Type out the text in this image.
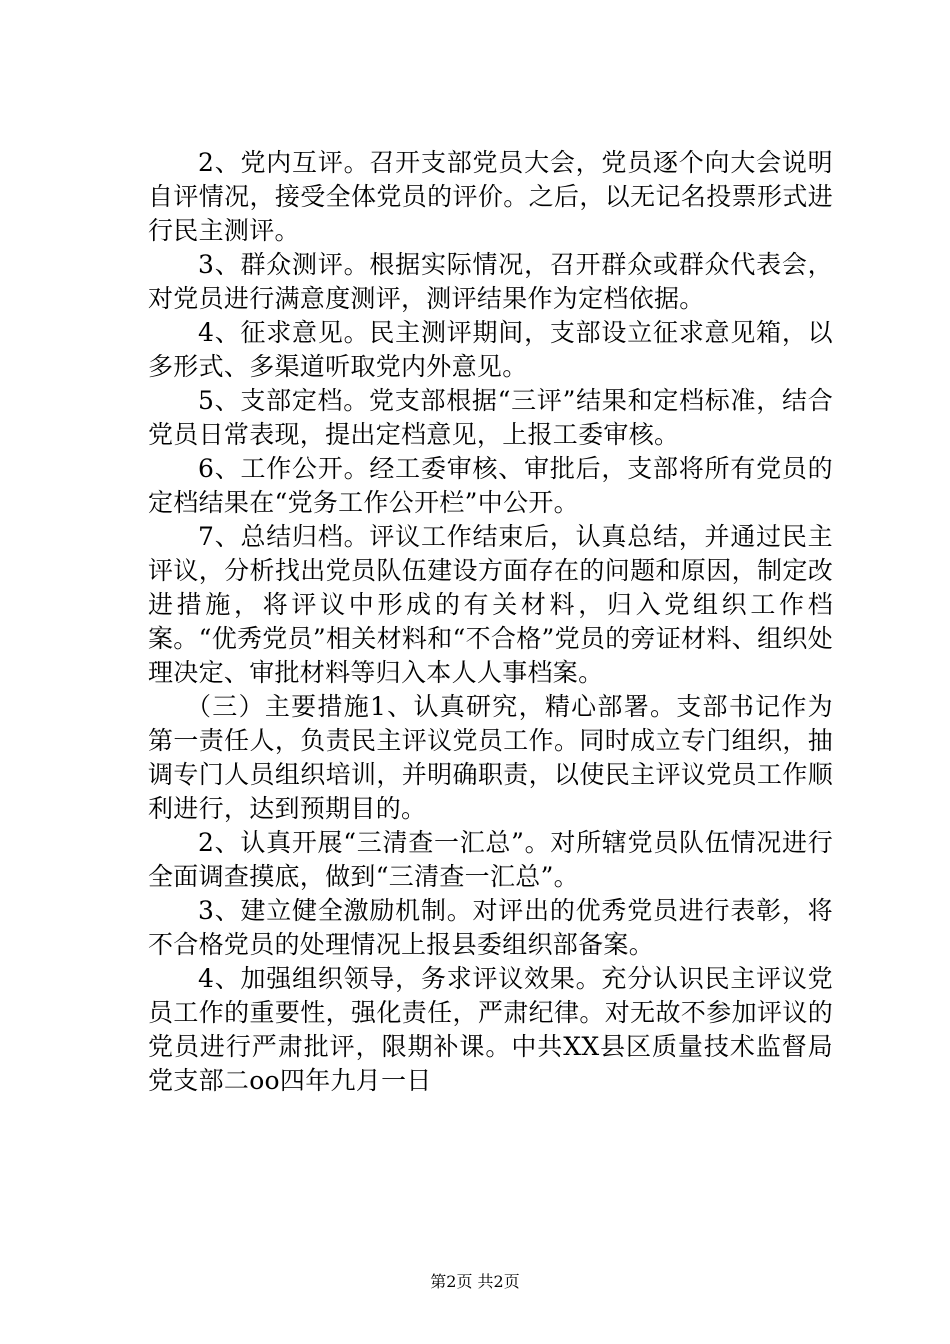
2、党内互评。召开支部党员大会，党员逐个向大会说明自评情况，接受全体党员的评价。之后，以无记名投票形式进行民主测评。

3、群众测评。根据实际情况，召开群众或群众代表会，对党员进行满意度测评，测评结果作为定档依据。

4、征求意见。民主测评期间，支部设立征求意见箱，以多形式、多渠道听取党内外意见。

5、支部定档。党支部根据“三评”结果和定档标准，结合党员日常表现，提出定档意见，上报工委审核。

6、工作公开。经工委审核、审批后，支部将所有党员的定档结果在“党务工作公开栏”中公开。

7、总结归档。评议工作结束后，认真总结，并通过民主评议，分析找出党员队伍建设方面存在的问题和原因，制定改进措施，将评议中形成的有关材料，归入党组织工作档案。“优秀党员”相关材料和“不合格”党员的旁证材料、组织处理决定、审批材料等归入本人人事档案。

（三）主要措施1、认真研究，精心部署。支部书记作为第一责任人，负责民主评议党员工作。同时成立专门组织，抽调专门人员组织培训，并明确职责，以使民主评议党员工作顺利进行，达到预期目的。

2、认真开展“三清查一汇总”。对所辖党员队伍情况进行全面调查摸底，做到“三清查一汇总”。

3、建立健全激励机制。对评出的优秀党员进行表彰，将不合格党员的处理情况上报县委组织部备案。

4、加强组织领导，务求评议效果。充分认识民主评议党员工作的重要性，强化责任，严肃纪律。对无故不参加评议的党员进行严肃批评，限期补课。中共XX县区质量技术监督局党支部二oo四年九月一日

第2页 共2页
